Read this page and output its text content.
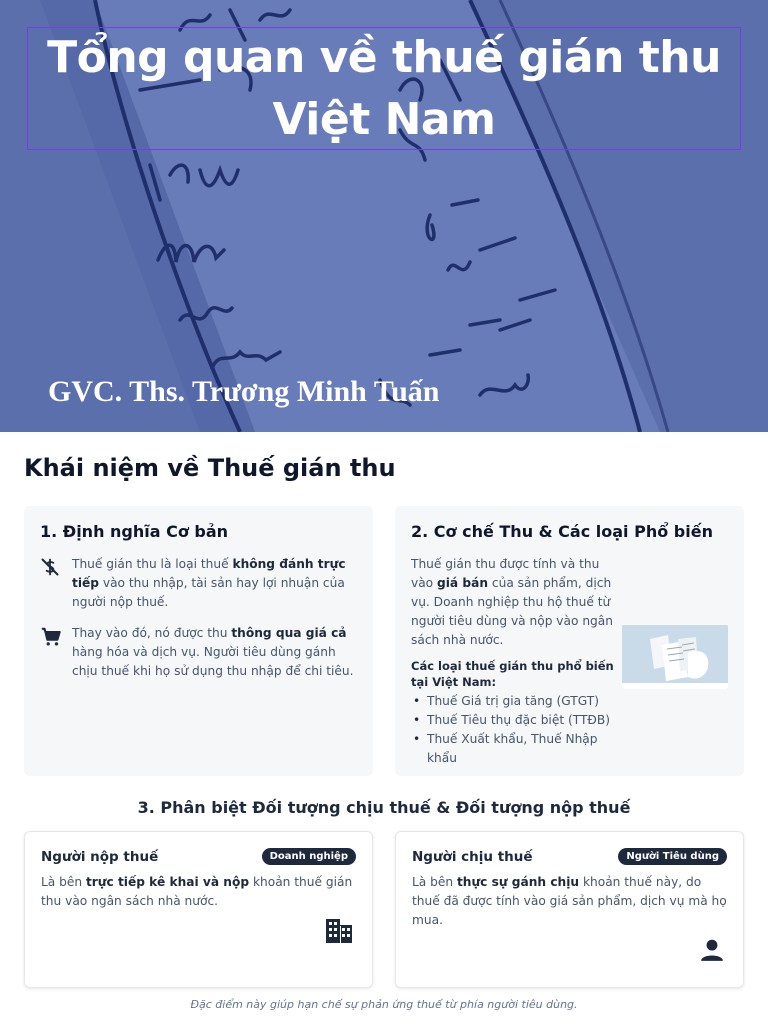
Tổng quan về thuế gián thu Việt Nam
GVC. Ths. Trương Minh Tuấn
Khái niệm về Thuế gián thu
1. Định nghĩa Cơ bản

Thuế gián thu là loại thuế không đánh trực tiếp vào thu nhập, tài sản hay lợi nhuận của người nộp thuế.

Thay vào đó, nó được thu thông qua giá cả hàng hóa và dịch vụ. Người tiêu dùng gánh chịu thuế khi họ sử dụng thu nhập để chi tiêu.

2. Cơ chế Thu & Các loại Phổ biến

Thuế gián thu được tính và thu vào giá bán của sản phẩm, dịch vụ. Doanh nghiệp thu hộ thuế từ người tiêu dùng và nộp vào ngân sách nhà nước.

Các loại thuế gián thu phổ biến tại Việt Nam:
• Thuế Giá trị gia tăng (GTGT)
• Thuế Tiêu thụ đặc biệt (TTĐB)
• Thuế Xuất khẩu, Thuế Nhập khẩu
3. Phân biệt Đối tượng chịu thuế & Đối tượng nộp thuế
Người nộp thuế	Doanh nghiệp

Là bên trực tiếp kê khai và nộp khoản thuế gián thu vào ngân sách nhà nước.

Người chịu thuế	Người Tiêu dùng

Là bên thực sự gánh chịu khoản thuế này, do thuế đã được tính vào giá sản phẩm, dịch vụ mà họ mua.

Đặc điểm này giúp hạn chế sự phản ứng thuế từ phía người tiêu dùng.
